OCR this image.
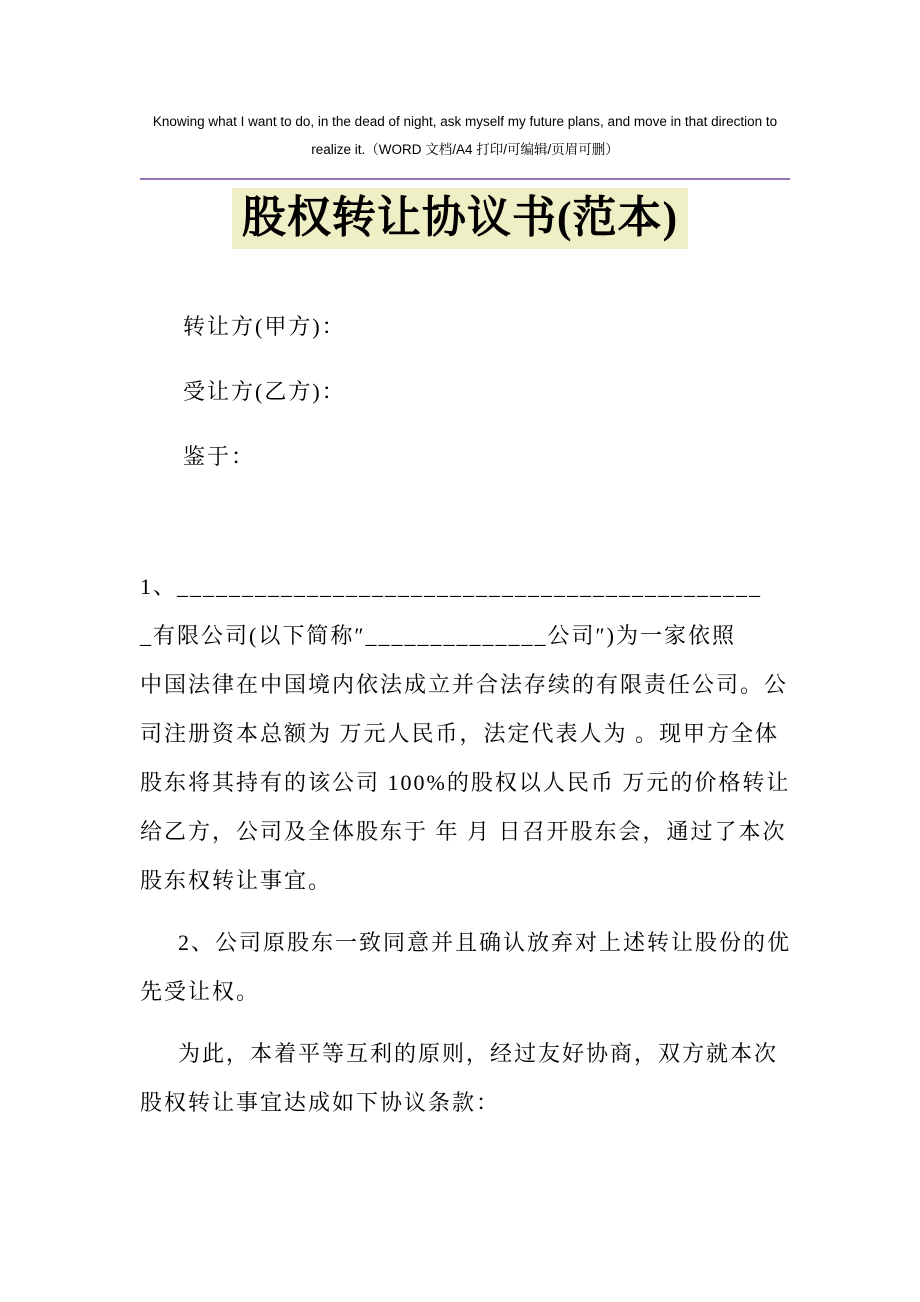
Knowing what I want to do, in the dead of night, ask myself my future plans, and move in that direction to realize it.（WORD 文档/A4 打印/可编辑/页眉可删）

股权转让协议书(范本)

转让方(甲方)：

受让方(乙方)：

鉴于：

1、_____________________________________________
_有限公司(以下简称″______________公司″)为一家依照
中国法律在中国境内依法成立并合法存续的有限责任公司。公
司注册资本总额为 万元人民币，法定代表人为 。现甲方全体
股东将其持有的该公司 100%的股权以人民币 万元的价格转让
给乙方，公司及全体股东于 年 月 日召开股东会，通过了本次
股东权转让事宜。
2、公司原股东一致同意并且确认放弃对上述转让股份的优
先受让权。
为此，本着平等互利的原则，经过友好协商，双方就本次
股权转让事宜达成如下协议条款：
